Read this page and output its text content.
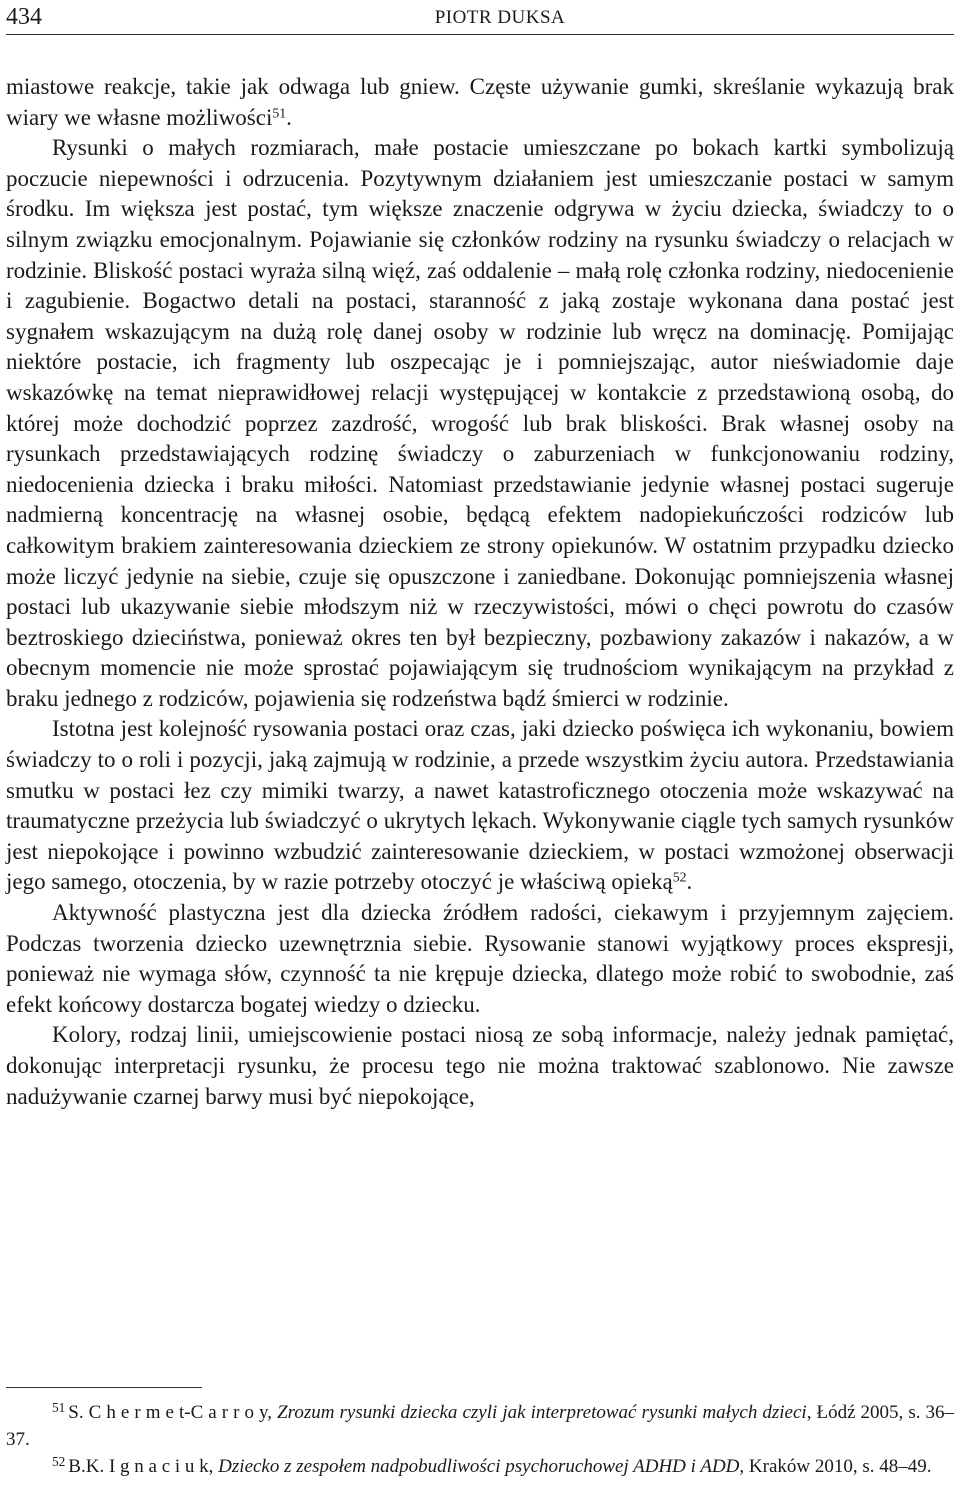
434	PIOTR DUKSA

miastowe reakcje, takie jak odwaga lub gniew. Częste używanie gumki, skreślanie wykazują brak wiary we własne możliwości$^{51}$.

Rysunki o małych rozmiarach, małe postacie umieszczane po bokach kartki symbolizują poczucie niepewności i odrzucenia. Pozytywnym działaniem jest umieszczanie postaci w samym środku. Im większa jest postać, tym większe znaczenie odgrywa w życiu dziecka, świadczy to o silnym związku emocjonalnym. Pojawianie się członków rodziny na rysunku świadczy o relacjach w rodzinie. Bliskość postaci wyraża silną więź, zaś oddalenie – małą rolę członka rodziny, niedocenienie i zagubienie. Bogactwo detali na postaci, staranność z jaką zostaje wykonana dana postać jest sygnałem wskazującym na dużą rolę danej osoby w rodzinie lub wręcz na dominację. Pomijając niektóre postacie, ich fragmenty lub oszpecając je i pomniejszając, autor nieświadomie daje wskazówkę na temat nieprawidłowej relacji występującej w kontakcie z przedstawioną osobą, do której może dochodzić poprzez zazdrość, wrogość lub brak bliskości. Brak własnej osoby na rysunkach przedstawiających rodzinę świadczy o zaburzeniach w funkcjonowaniu rodziny, niedocenienia dziecka i braku miłości. Natomiast przedstawianie jedynie własnej postaci sugeruje nadmierną koncentrację na własnej osobie, będącą efektem nadopiekuńczości rodziców lub całkowitym brakiem zainteresowania dzieckiem ze strony opiekunów. W ostatnim przypadku dziecko może liczyć jedynie na siebie, czuje się opuszczone i zaniedbane. Dokonując pomniejszenia własnej postaci lub ukazywanie siebie młodszym niż w rzeczywistości, mówi o chęci powrotu do czasów beztroskiego dzieciństwa, ponieważ okres ten był bezpieczny, pozbawiony zakazów i nakazów, a w obecnym momencie nie może sprostać pojawiającym się trudnościom wynikającym na przykład z braku jednego z rodziców, pojawienia się rodzeństwa bądź śmierci w rodzinie.

Istotna jest kolejność rysowania postaci oraz czas, jaki dziecko poświęca ich wykonaniu, bowiem świadczy to o roli i pozycji, jaką zajmują w rodzinie, a przede wszystkim życiu autora. Przedstawiania smutku w postaci łez czy mimiki twarzy, a nawet katastroficznego otoczenia może wskazywać na traumatyczne przeżycia lub świadczyć o ukrytych lękach. Wykonywanie ciągle tych samych rysunków jest niepokojące i powinno wzbudzić zainteresowanie dzieckiem, w postaci wzmożonej obserwacji jego samego, otoczenia, by w razie potrzeby otoczyć je właściwą opieką$^{52}$.

Aktywność plastyczna jest dla dziecka źródłem radości, ciekawym i przyjemnym zajęciem. Podczas tworzenia dziecko uzewnętrznia siebie. Rysowanie stanowi wyjątkowy proces ekspresji, ponieważ nie wymaga słów, czynność ta nie krępuje dziecka, dlatego może robić to swobodnie, zaś efekt końcowy dostarcza bogatej wiedzy o dziecku.

Kolory, rodzaj linii, umiejscowienie postaci niosą ze sobą informacje, należy jednak pamiętać, dokonując interpretacji rysunku, że procesu tego nie można traktować szablonowo. Nie zawsze nadużywanie czarnej barwy musi być niepokojące,

$^{51}$ S. C h e r m e t-C a r r o y, Zrozum rysunki dziecka czyli jak interpretować rysunki małych dzieci, Łódź 2005, s. 36–37.

$^{52}$ B.K. I g n a c i u k, Dziecko z zespołem nadpobudliwości psychoruchowej ADHD i ADD, Kraków 2010, s. 48–49.
